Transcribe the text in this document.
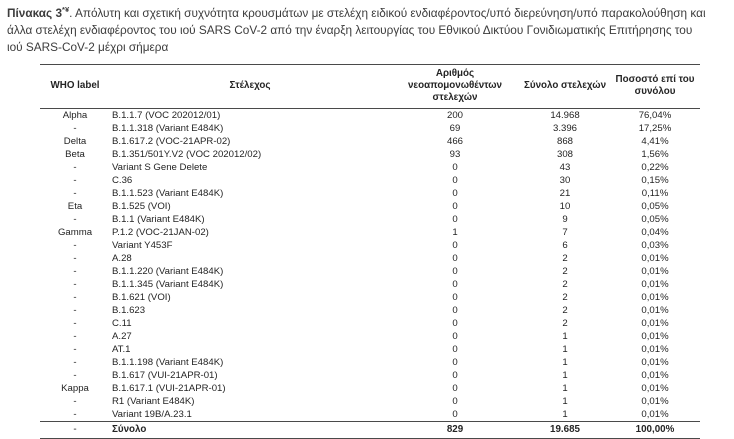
Πίνακας 3*¥. Απόλυτη και σχετική συχνότητα κρουσμάτων με στελέχη ειδικού ενδιαφέροντος/υπό διερεύνηση/υπό παρακολούθηση και
άλλα στελέχη ενδιαφέροντος του ιού SARS CoV-2 από την έναρξη λειτουργίας του Εθνικού Δικτύου Γονιδιωματικής Επιτήρησης του
ιού SARS-CoV-2 μέχρι σήμερα
WHO label	Στέλεχος	Αριθμός νεοαπομονωθέντων στελεχών	Σύνολο στελεχών	Ποσοστό επί του συνόλου
Alpha	B.1.1.7 (VOC 202012/01)	200	14.968	76,04%
-	B.1.1.318 (Variant E484K)	69	3.396	17,25%
Delta	B.1.617.2 (VOC-21APR-02)	466	868	4,41%
Beta	B.1.351/501Y.V2 (VOC 202012/02)	93	308	1,56%
-	Variant S Gene Delete	0	43	0,22%
-	C.36	0	30	0,15%
-	B.1.1.523 (Variant E484K)	0	21	0,11%
Eta	B.1.525 (VOI)	0	10	0,05%
-	B.1.1 (Variant E484K)	0	9	0,05%
Gamma	P.1.2 (VOC-21JAN-02)	1	7	0,04%
-	Variant Y453F	0	6	0,03%
-	A.28	0	2	0,01%
-	B.1.1.220 (Variant E484K)	0	2	0,01%
-	B.1.1.345 (Variant E484K)	0	2	0,01%
-	B.1.621 (VOI)	0	2	0,01%
-	B.1.623	0	2	0,01%
-	C.11	0	2	0,01%
-	A.27	0	1	0,01%
-	AT.1	0	1	0,01%
-	B.1.1.198 (Variant E484K)	0	1	0,01%
-	B.1.617 (VUI-21APR-01)	0	1	0,01%
Kappa	B.1.617.1 (VUI-21APR-01)	0	1	0,01%
-	R1 (Variant E484K)	0	1	0,01%
-	Variant 19B/A.23.1	0	1	0,01%
-	Σύνολο	829	19.685	100,00%
